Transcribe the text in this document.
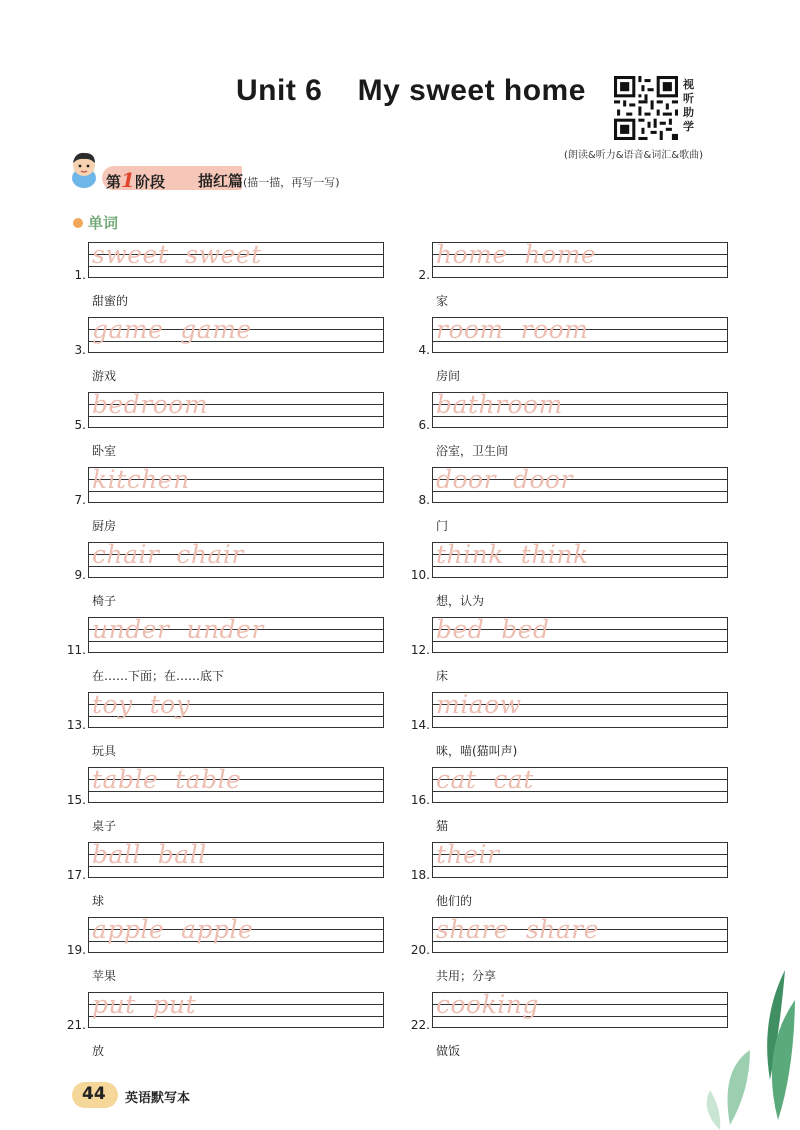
Unit 6    My sweet home	视
听
助
学
(朗读&听力&语音&词汇&歌曲)
第1阶段 描红篇(描一描，再写一写)
单词
1.
sweet  sweet
甜蜜的
2.
home  home
家
3.
game  game
游戏
4.
room  room
房间
5.
bedroom
卧室
6.
bathroom
浴室，卫生间
7.
kitchen
厨房
8.
door  door
门
9.
chair  chair
椅子
10.
think  think
想，认为
11.
under  under
在……下面；在……底下
12.
bed  bed
床
13.
toy  toy
玩具
14.
miaow
咪，喵(猫叫声)
15.
table  table
桌子
16.
cat  cat
猫
17.
ball  ball
球
18.
their
他们的
19.
apple  apple
苹果
20.
share  share
共用；分享
21.
put  put
放
22.
cooking
做饭
44 英语默写本
